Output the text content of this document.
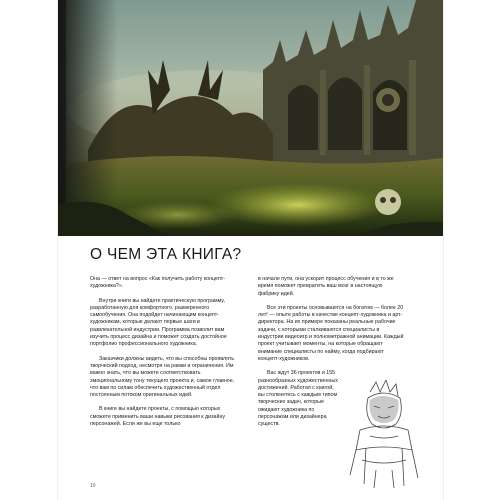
О ЧЕМ ЭТА КНИГА?

Она — ответ на вопрос «Как получить работу концепт-художника?».

Внутри книги вы найдете практическую программу, разработанную для комфортного, размеренного самообучения. Она подойдет начинающим концепт-художникам, которые делают первые шаги в развлекательной индустрии. Программа позволит вам изучить процесс дизайна и поможет создать достойное портфолио профессионального художника.

Заказчики должны видеть, что вы способны проявлять творческий подход, несмотря на рамки и ограничения. Им важно знать, что вы можете соответствовать эмоциональному тону текущего проекта и, самое главное, что вам по силам обеспечить художественный отдел постоянным потоком оригинальных идей.

В книге вы найдете проекты, с помощью которых сможете применить ваши навыки рисования к дизайну персонажей. Если же вы еще только

в начале пути, она ускорит процесс обучения и в то же время поможет превратить ваш мозг в настоящую фабрику идей.

Все эти проекты основываются на богатом — более 20 лет! — опыте работы в качестве концепт-художника и арт-директора. На их примере показаны реальные рабочие задачи, с которыми сталкиваются специалисты в индустрии видеоигр и полнометражной анимации. Каждый проект учитывает моменты, на которые обращают внимание специалисты по найму, когда подбирают концепт-художников.

Вас ждут 36 проектов и 155 разнообразных художественных достижений. Работая с книгой, вы столкнетесь с каждым типом творческих задач, которые ожидают художника по персонажам или дизайнера существ.

10
